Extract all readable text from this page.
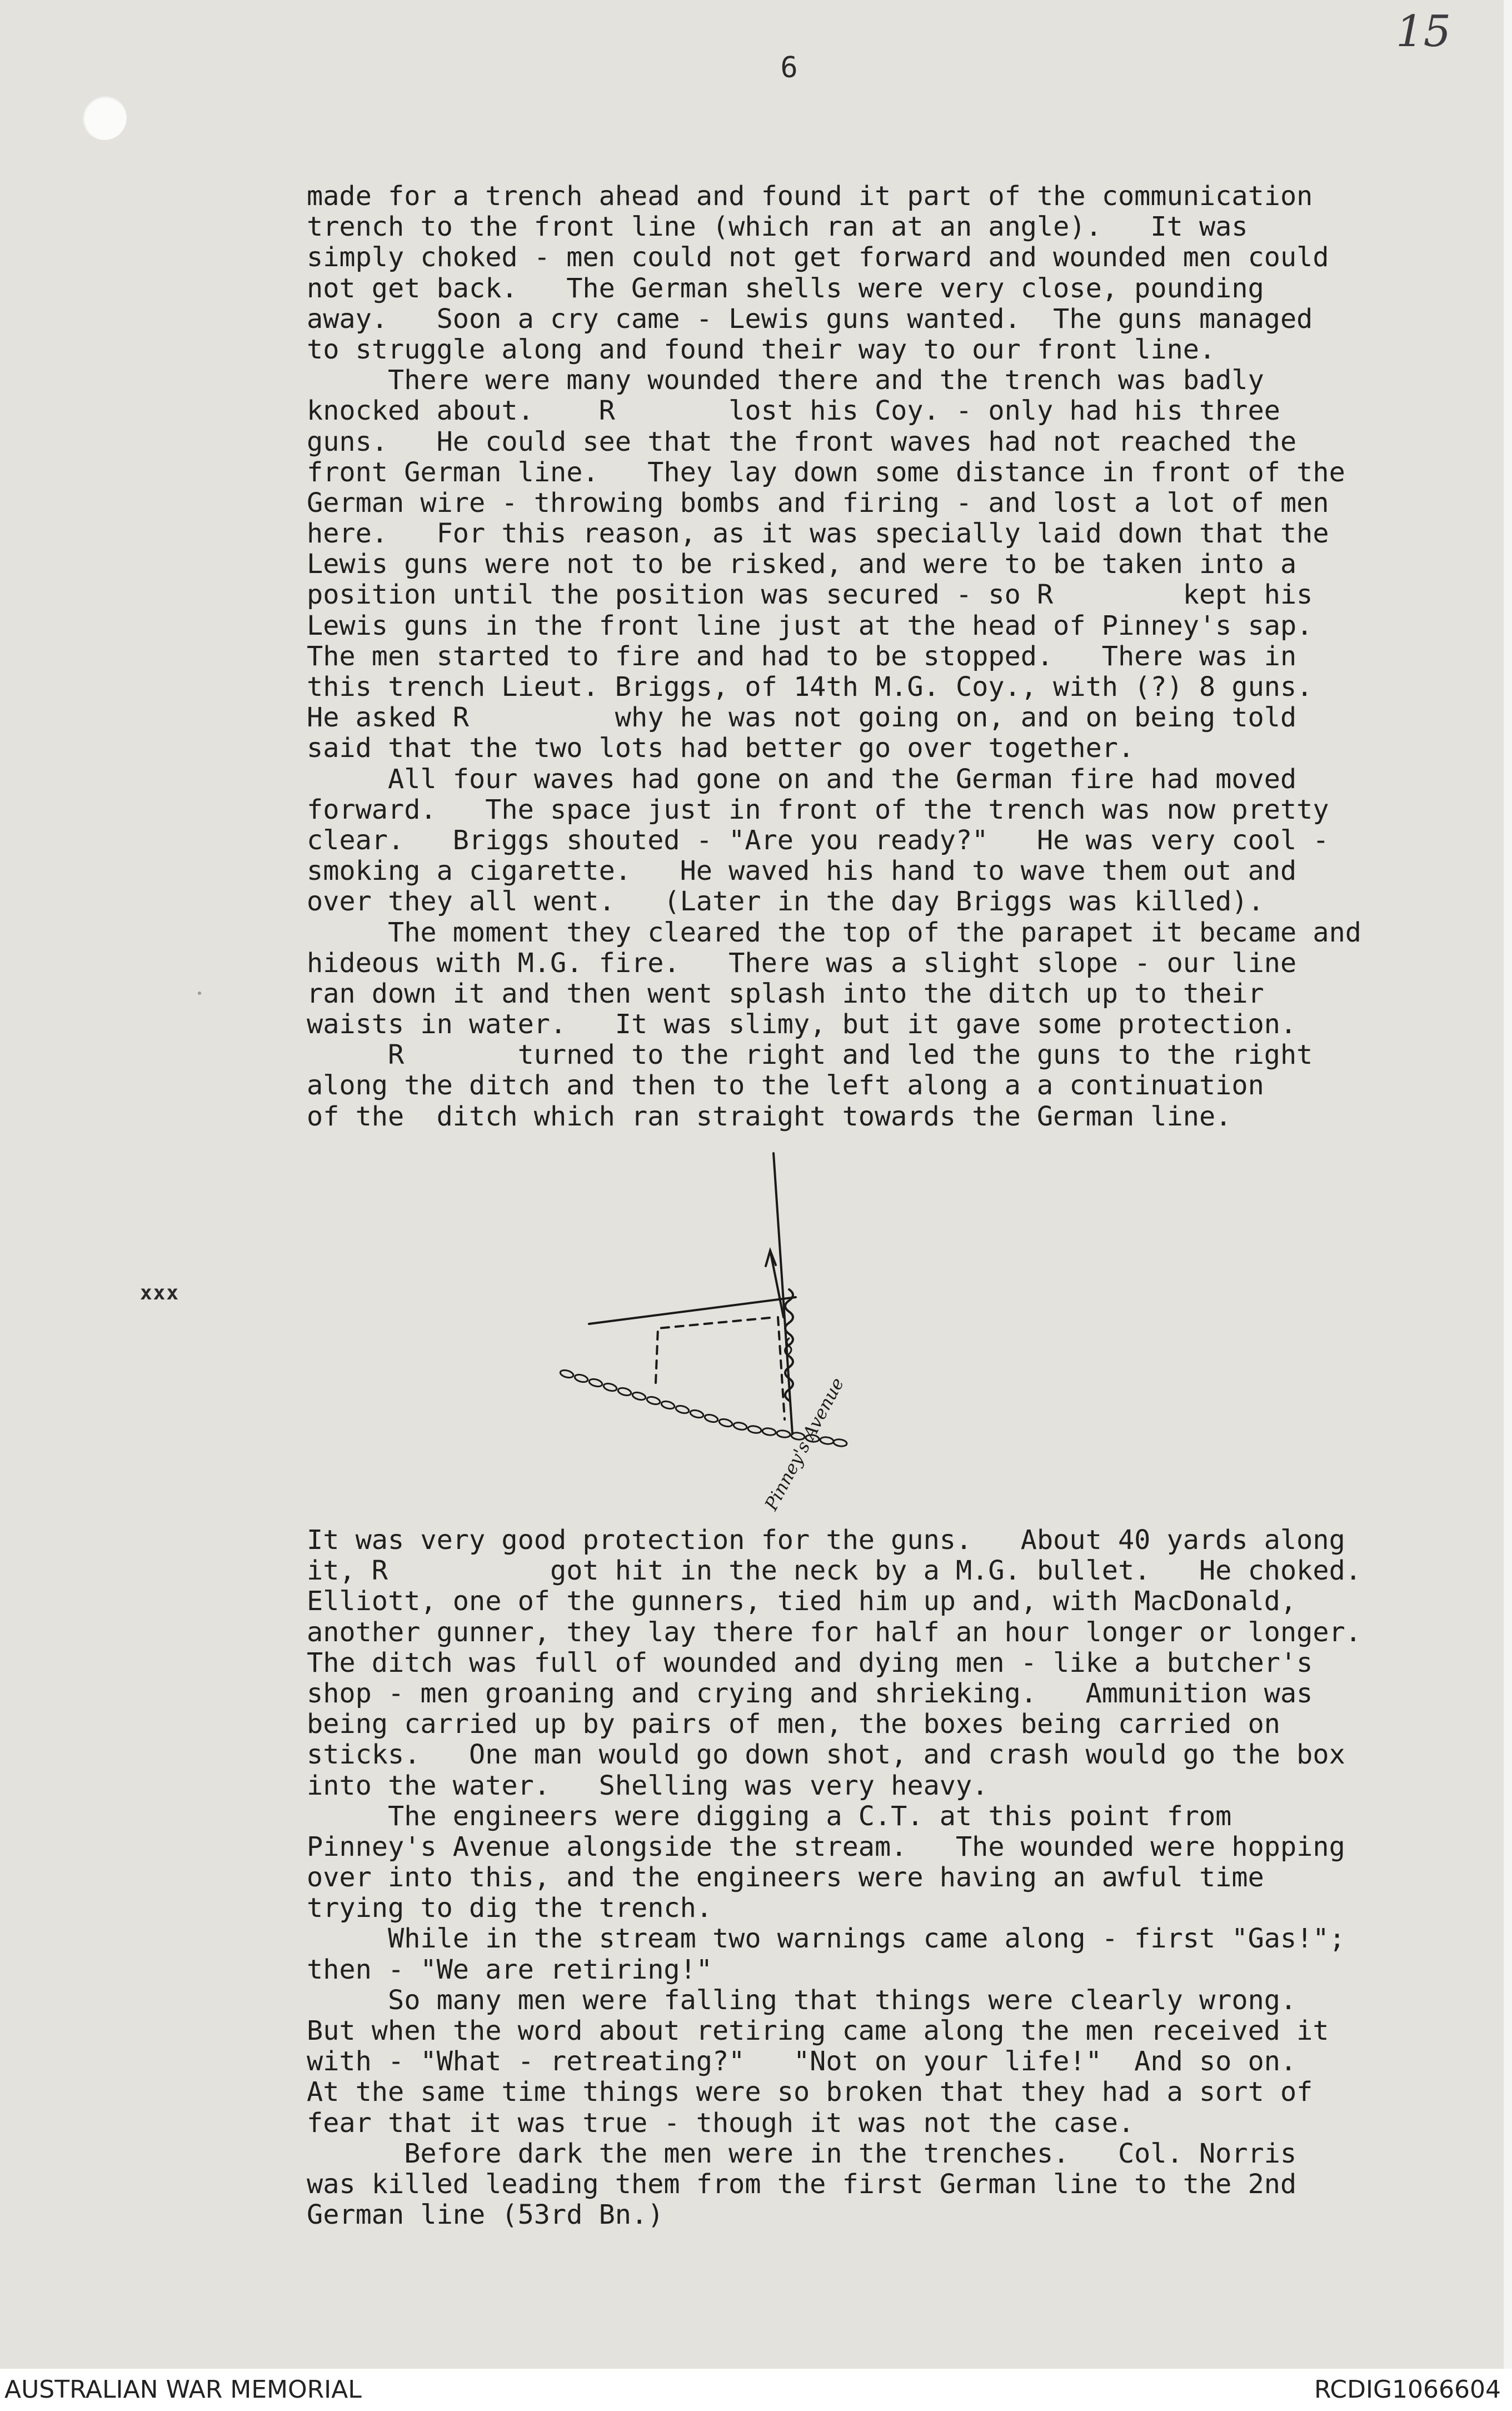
15
6
made for a trench ahead and found it part of the communication
trench to the front line (which ran at an angle).   It was
simply choked - men could not get forward and wounded men could
not get back.   The German shells were very close, pounding
away.   Soon a cry came - Lewis guns wanted.  The guns managed
to struggle along and found their way to our front line.
There were many wounded there and the trench was badly
knocked about.    R       lost his Coy. - only had his three
guns.   He could see that the front waves had not reached the
front German line.   They lay down some distance in front of the
German wire - throwing bombs and firing - and lost a lot of men
here.   For this reason, as it was specially laid down that the
Lewis guns were not to be risked, and were to be taken into a
position until the position was secured - so R        kept his
Lewis guns in the front line just at the head of Pinney's sap.
The men started to fire and had to be stopped.   There was in
this trench Lieut. Briggs, of 14th M.G. Coy., with (?) 8 guns.
He asked R         why he was not going on, and on being told
said that the two lots had better go over together.
All four waves had gone on and the German fire had moved
forward.   The space just in front of the trench was now pretty
clear.   Briggs shouted - "Are you ready?"   He was very cool -
smoking a cigarette.   He waved his hand to wave them out and
over they all went.   (Later in the day Briggs was killed).
The moment they cleared the top of the parapet it became and
hideous with M.G. fire.   There was a slight slope - our line
ran down it and then went splash into the ditch up to their
waists in water.   It was slimy, but it gave some protection.
R       turned to the right and led the guns to the right
along the ditch and then to the left along a a continuation
of the  ditch which ran straight towards the German line.
xxx
Pinney's Avenue
It was very good protection for the guns.   About 40 yards along
it, R          got hit in the neck by a M.G. bullet.   He choked.
Elliott, one of the gunners, tied him up and, with MacDonald,
another gunner, they lay there for half an hour longer or longer.
The ditch was full of wounded and dying men - like a butcher's
shop - men groaning and crying and shrieking.   Ammunition was
being carried up by pairs of men, the boxes being carried on
sticks.   One man would go down shot, and crash would go the box
into the water.   Shelling was very heavy.
The engineers were digging a C.T. at this point from
Pinney's Avenue alongside the stream.   The wounded were hopping
over into this, and the engineers were having an awful time
trying to dig the trench.
While in the stream two warnings came along - first "Gas!";
then - "We are retiring!"
So many men were falling that things were clearly wrong.
But when the word about retiring came along the men received it
with - "What - retreating?"   "Not on your life!"  And so on.
At the same time things were so broken that they had a sort of
fear that it was true - though it was not the case.
Before dark the men were in the trenches.   Col. Norris
was killed leading them from the first German line to the 2nd
German line (53rd Bn.)
AUSTRALIAN WAR MEMORIAL	RCDIG1066604
